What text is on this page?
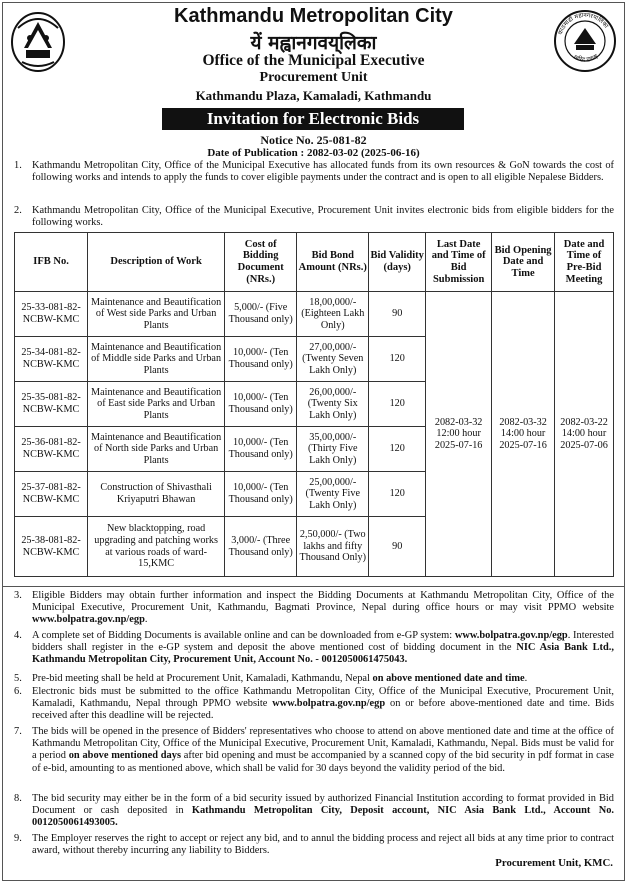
काठमाडौं महानगरपालिका
खरिद एकाइ
Kathmandu Metropolitan City
यें मह्वानगवय्‌लिका
Office of the Municipal Executive
Procurement Unit
Kathmandu Plaza, Kamaladi, Kathmandu
Invitation for Electronic Bids
Notice No. 25-081-82
Date of Publication : 2082-03-02 (2025-06-16)
1. Kathmandu Metropolitan City, Office of the Municipal Executive has allocated funds from its own resources & GoN towards the cost of following works and intends to apply the funds to cover eligible payments under the contract and is open to all eligible Nepalese Bidders.
2. Kathmandu Metropolitan City, Office of the Municipal Executive, Procurement Unit invites electronic bids from eligible bidders for the following works.
IFB No.	Description of Work	Cost of Bidding Document (NRs.)	Bid Bond Amount (NRs.)	Bid Validity (days)	Last Date and Time of Bid Submission	Bid Opening Date and Time	Date and Time of Pre-Bid Meeting
25-33-081-82-NCBW-KMC	Maintenance and Beautification of West side Parks and Urban Plants	5,000/- (Five Thousand only)	18,00,000/- (Eighteen Lakh Only)	90	2082-03-32 12:00 hour 2025-07-16	2082-03-32 14:00 hour 2025-07-16	2082-03-22 14:00 hour 2025-07-06
25-34-081-82-NCBW-KMC	Maintenance and Beautification of Middle side Parks and Urban Plants	10,000/- (Ten Thousand only)	27,00,000/- (Twenty Seven Lakh Only)	120			
25-35-081-82-NCBW-KMC	Maintenance and Beautification of East side Parks and Urban Plants	10,000/- (Ten Thousand only)	26,00,000/- (Twenty Six Lakh Only)	120			
25-36-081-82-NCBW-KMC	Maintenance and Beautification of North side Parks and Urban Plants	10,000/- (Ten Thousand only)	35,00,000/- (Thirty Five Lakh Only)	120			
25-37-081-82-NCBW-KMC	Construction of Shivasthali Kriyaputri Bhawan	10,000/- (Ten Thousand only)	25,00,000/- (Twenty Five Lakh Only)	120			
25-38-081-82-NCBW-KMC	New blacktopping, road upgrading and patching works at various roads of ward-15,KMC	3,000/- (Three Thousand only)	2,50,000/- (Two lakhs and fifty Thousand Only)	90			
3. Eligible Bidders may obtain further information and inspect the Bidding Documents at Kathmandu Metropolitan City, Office of the Municipal Executive, Procurement Unit, Kathmandu, Bagmati Province, Nepal during office hours or may visit PPMO website www.bolpatra.gov.np/egp.
4. A complete set of Bidding Documents is available online and can be downloaded from e-GP system: www.bolpatra.gov.np/egp. Interested bidders shall register in the e-GP system and deposit the above mentioned cost of bidding document in the NIC Asia Bank Ltd., Kathmandu Metropolitan City, Procurement Unit, Account No. - 0012050061475043.
5. Pre-bid meeting shall be held at Procurement Unit, Kamaladi, Kathmandu, Nepal on above mentioned date and time.
6. Electronic bids must be submitted to the office Kathmandu Metropolitan City, Office of the Municipal Executive, Procurement Unit, Kamaladi, Kathmandu, Nepal through PPMO website www.bolpatra.gov.np/egp on or before above-mentioned date and time. Bids received after this deadline will be rejected.
7. The bids will be opened in the presence of Bidders' representatives who choose to attend on above mentioned date and time at the office of Kathmandu Metropolitan City, Office of the Municipal Executive, Procurement Unit, Kamaladi, Kathmandu, Nepal. Bids must be valid for a period on above mentioned days after bid opening and must be accompanied by a scanned copy of the bid security in pdf format in case of e-bid, amounting to as mentioned above, which shall be valid for 30 days beyond the validity period of the bid.
8. The bid security may either be in the form of a bid security issued by authorized Financial Institution according to format provided in Bid Document or cash deposited in Kathmandu Metropolitan City, Deposit account, NIC Asia Bank Ltd., Account No. 0012050061493005.
9. The Employer reserves the right to accept or reject any bid, and to annul the bidding process and reject all bids at any time prior to contract award, without thereby incurring any liability to Bidders.
Procurement Unit, KMC.
